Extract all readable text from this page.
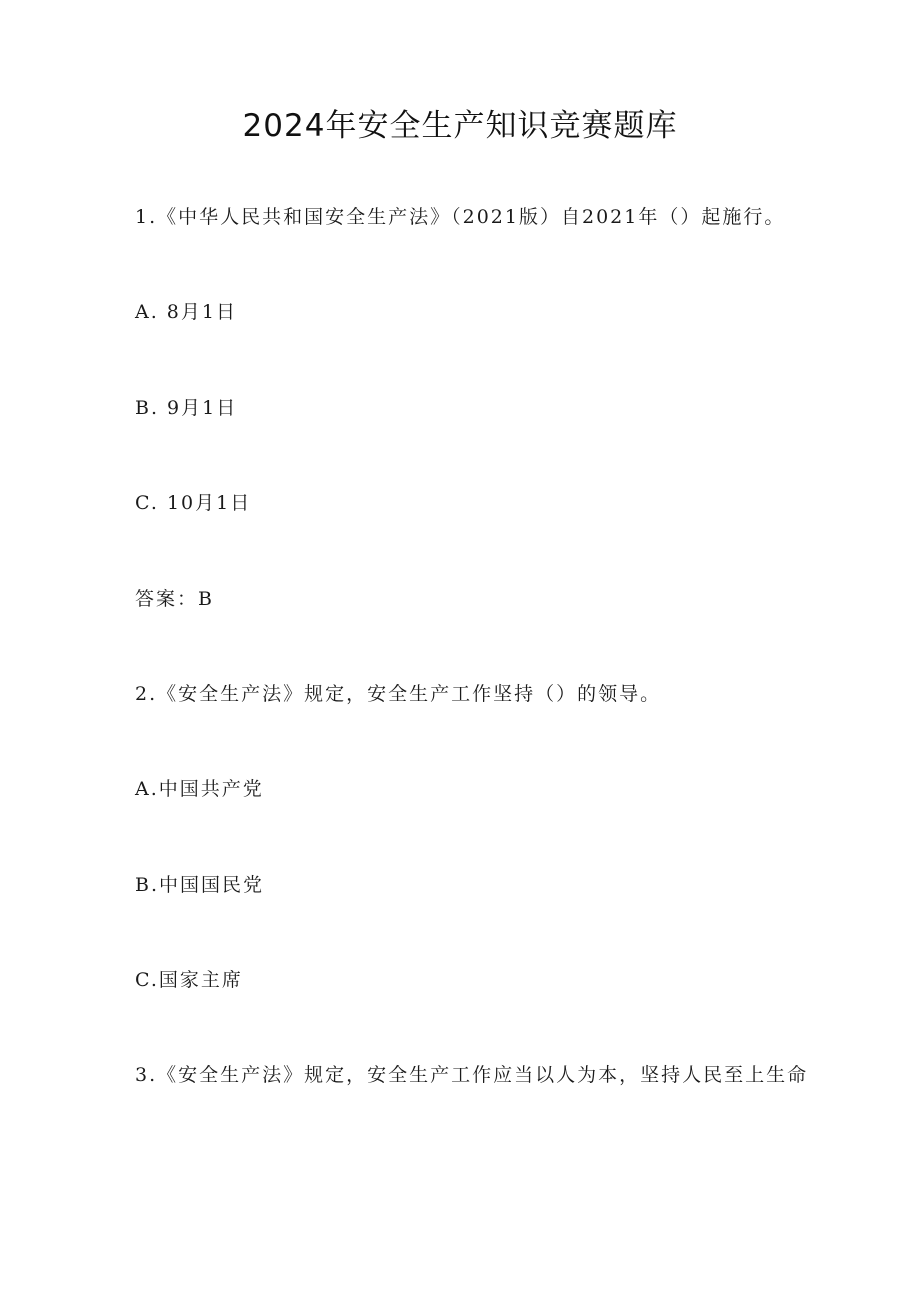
2024年安全生产知识竞赛题库
1.《中华人民共和国安全生产法》（2021版）自2021年（）起施行。
A. 8月1日
B. 9月1日
C. 10月1日
答案：B
2.《安全生产法》规定，安全生产工作坚持（）的领导。
A.中国共产党
B.中国国民党
C.国家主席
3.《安全生产法》规定，安全生产工作应当以人为本，坚持人民至上生命
